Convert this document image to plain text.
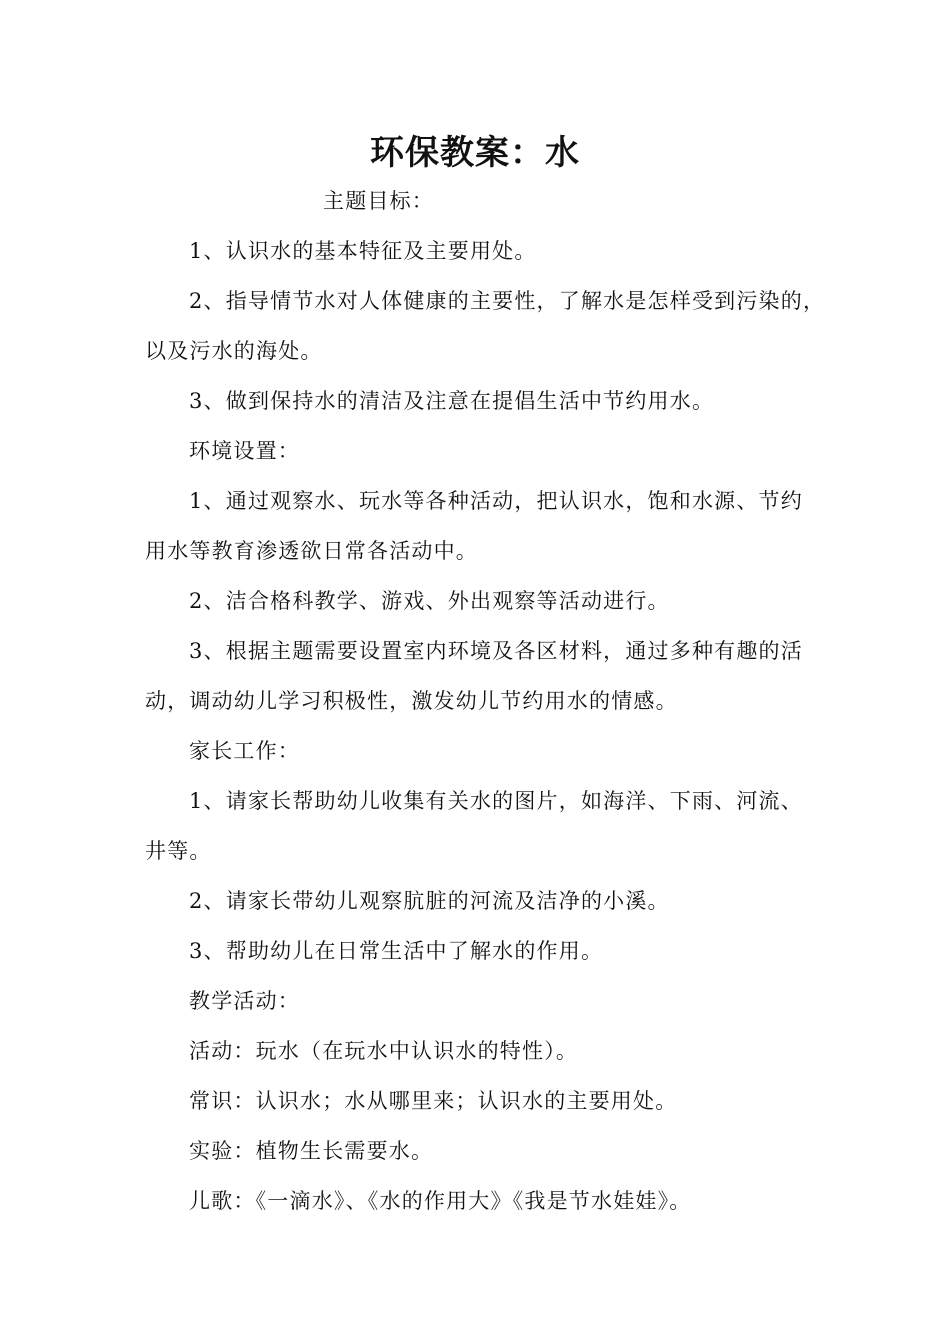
环保教案：水
主题目标：
1、认识水的基本特征及主要用处。
2、指导情节水对人体健康的主要性，了解水是怎样受到污染的，
以及污水的海处。
3、做到保持水的清洁及注意在提倡生活中节约用水。
环境设置：
1、通过观察水、玩水等各种活动，把认识水，饱和水源、节约
用水等教育渗透欲日常各活动中。
2、洁合格科教学、游戏、外出观察等活动进行。
3、根据主题需要设置室内环境及各区材料，通过多种有趣的活
动，调动幼儿学习积极性，激发幼儿节约用水的情感。
家长工作：
1、请家长帮助幼儿收集有关水的图片，如海洋、下雨、河流、
井等。
2、请家长带幼儿观察肮脏的河流及洁净的小溪。
3、帮助幼儿在日常生活中了解水的作用。
教学活动：
活动：玩水（在玩水中认识水的特性）。
常识：认识水；水从哪里来；认识水的主要用处。
实验：植物生长需要水。
儿歌：《一滴水》、《水的作用大》《我是节水娃娃》。
